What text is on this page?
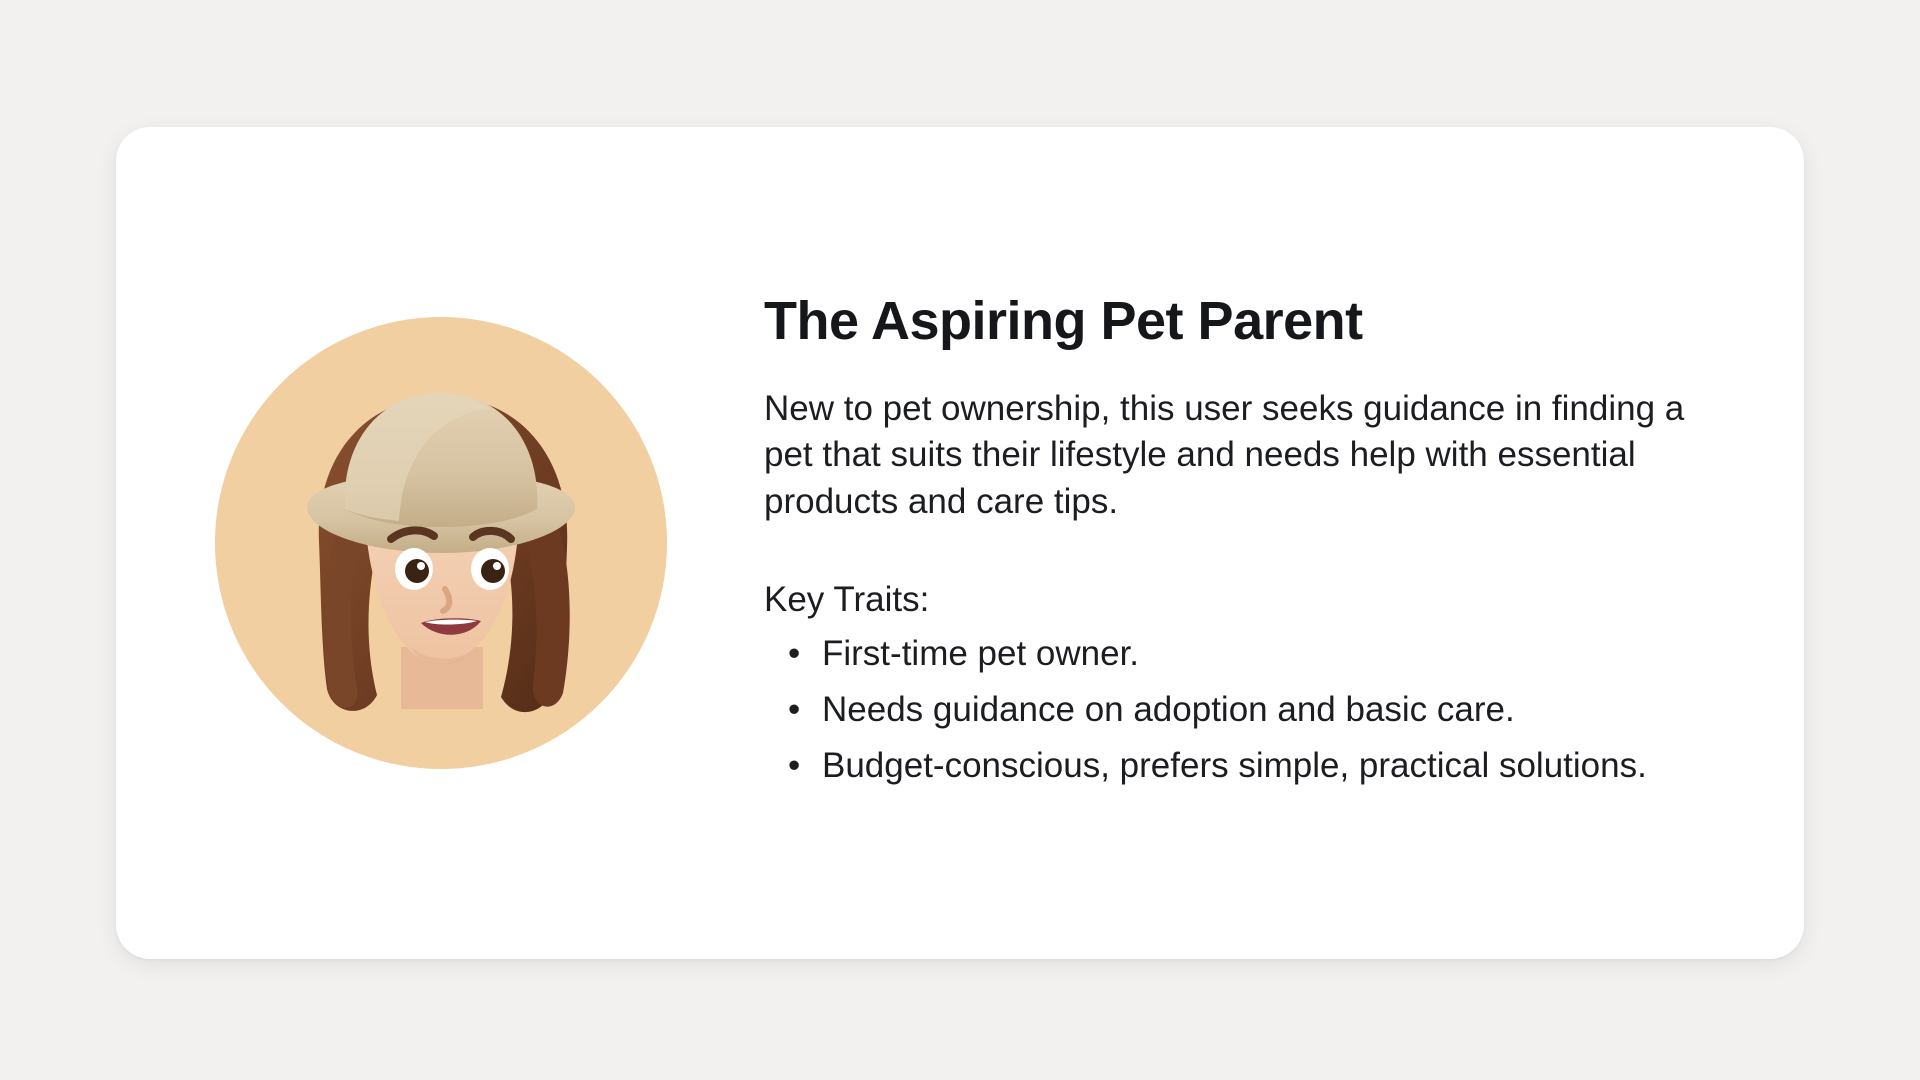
The Aspiring Pet Parent

New to pet ownership, this user seeks guidance in finding a pet that suits their lifestyle and needs help with essential products and care tips.

Key Traits:

• First-time pet owner.
• Needs guidance on adoption and basic care.
• Budget-conscious, prefers simple, practical solutions.
